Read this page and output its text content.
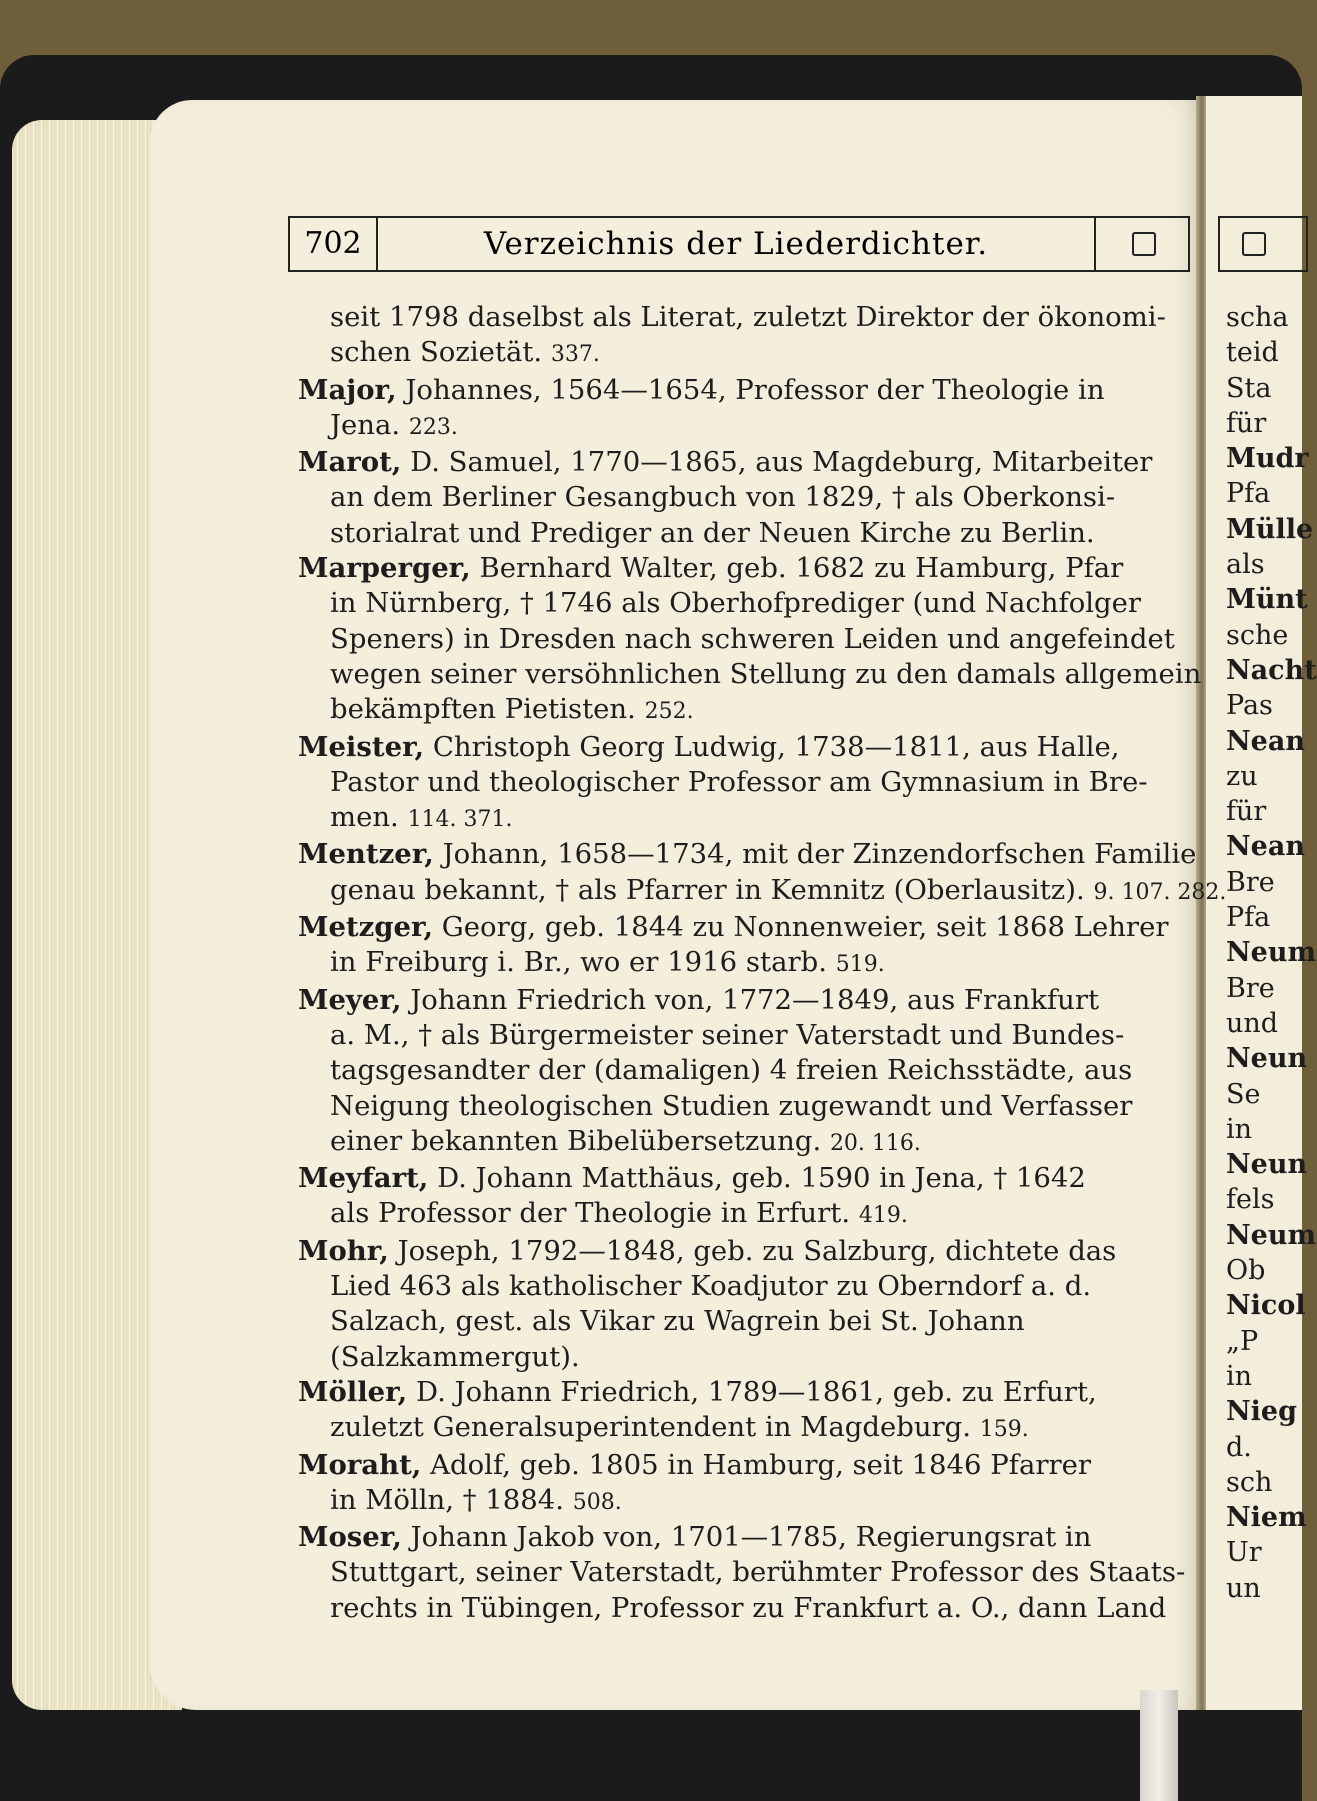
702	Verzeichnis der Liederdichter.
seit 1798 daselbst als Literat, zuletzt Direktor der ökonomi-
schen Sozietät. 337.
Major, Johannes, 1564—1654, Professor der Theologie in
Jena. 223.
Marot, D. Samuel, 1770—1865, aus Magdeburg, Mitarbeiter
an dem Berliner Gesangbuch von 1829, † als Oberkonsi-
storialrat und Prediger an der Neuen Kirche zu Berlin.
Marperger, Bernhard Walter, geb. 1682 zu Hamburg, Pfar
in Nürnberg, † 1746 als Oberhofprediger (und Nachfolger
Speners) in Dresden nach schweren Leiden und angefeindet
wegen seiner versöhnlichen Stellung zu den damals allgemein
bekämpften Pietisten. 252.
Meister, Christoph Georg Ludwig, 1738—1811, aus Halle,
Pastor und theologischer Professor am Gymnasium in Bre-
men. 114. 371.
Mentzer, Johann, 1658—1734, mit der Zinzendorfschen Familie
genau bekannt, † als Pfarrer in Kemnitz (Oberlausitz). 9. 107. 282.
Metzger, Georg, geb. 1844 zu Nonnenweier, seit 1868 Lehrer
in Freiburg i. Br., wo er 1916 starb. 519.
Meyer, Johann Friedrich von, 1772—1849, aus Frankfurt
a. M., † als Bürgermeister seiner Vaterstadt und Bundes-
tagsgesandter der (damaligen) 4 freien Reichsstädte, aus
Neigung theologischen Studien zugewandt und Verfasser
einer bekannten Bibelübersetzung. 20. 116.
Meyfart, D. Johann Matthäus, geb. 1590 in Jena, † 1642
als Professor der Theologie in Erfurt. 419.
Mohr, Joseph, 1792—1848, geb. zu Salzburg, dichtete das
Lied 463 als katholischer Koadjutor zu Oberndorf a. d.
Salzach, gest. als Vikar zu Wagrein bei St. Johann
(Salzkammergut).
Möller, D. Johann Friedrich, 1789—1861, geb. zu Erfurt,
zuletzt Generalsuperintendent in Magdeburg. 159.
Moraht, Adolf, geb. 1805 in Hamburg, seit 1846 Pfarrer
in Mölln, † 1884. 508.
Moser, Johann Jakob von, 1701—1785, Regierungsrat in
Stuttgart, seiner Vaterstadt, berühmter Professor des Staats-
rechts in Tübingen, Professor zu Frankfurt a. O., dann Land
scha
teid
Sta
für
Mudr
Pfa
Mülle
als
Münt
sche
Nacht
Pas
Nean
zu
für
Nean
Bre
Pfa
Neum
Bre
und
Neun
Se
in
Neun
fels
Neum
Ob
Nicol
„P
in
Nieg
d.
sch
Niem
Ur
un
